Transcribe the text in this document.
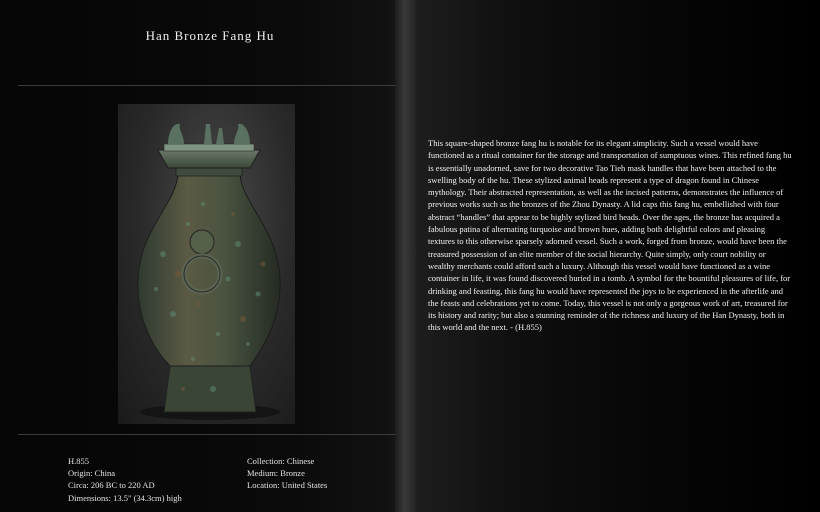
Han Bronze Fang Hu
H.855
Origin: China
Circa: 206 BC to 220 AD
Dimensions: 13.5" (34.3cm) high
Collection: Chinese
Medium: Bronze
Location: United States
This square-shaped bronze fang hu is notable for its elegant simplicity. Such a vessel would have functioned as a ritual container for the storage and transportation of sumptuous wines. This refined fang hu is essentially unadorned, save for two decorative Tao Tieh mask handles that have been attached to the swelling body of the hu. These stylized animal heads represent a type of dragon found in Chinese mythology. Their abstracted representation, as well as the incised patterns, demonstrates the influence of previous works such as the bronzes of the Zhou Dynasty. A lid caps this fang hu, embellished with four abstract “handles” that appear to be highly stylized bird heads. Over the ages, the bronze has acquired a fabulous patina of alternating turquoise and brown hues, adding both delightful colors and pleasing textures to this otherwise sparsely adorned vessel. Such a work, forged from bronze, would have been the treasured possession of an elite member of the social hierarchy. Quite simply, only court nobility or wealthy merchants could afford such a luxury. Although this vessel would have functioned as a wine container in life, it was found discovered buried in a tomb. A symbol for the bountiful pleasures of life, for drinking and feasting, this fang hu would have represented the joys to be experienced in the afterlife and the feasts and celebrations yet to come. Today, this vessel is not only a gorgeous work of art, treasured for its history and rarity; but also a stunning reminder of the richness and luxury of the Han Dynasty, both in this world and the next. - (H.855)
